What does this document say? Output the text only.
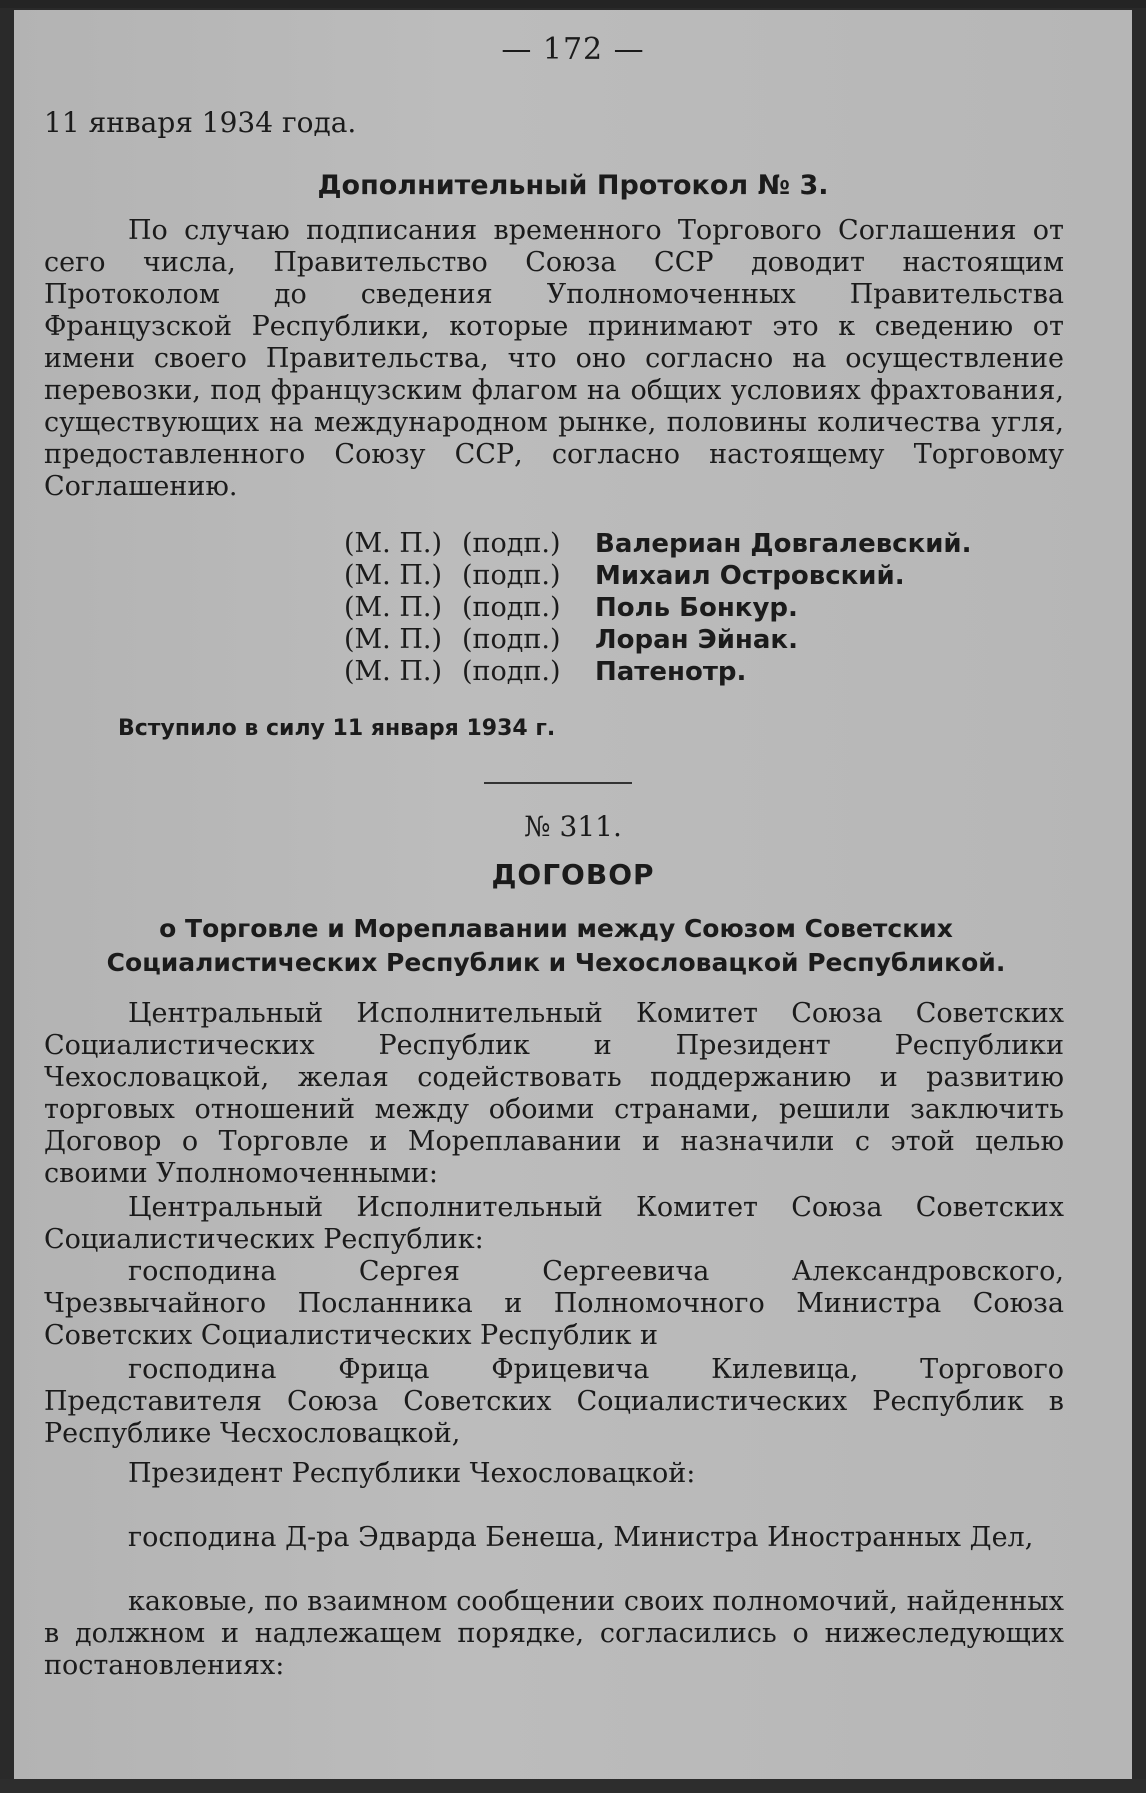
— 172 —
11 января 1934 года.
Дополнительный Протокол № 3.

По случаю подписания временного Торгового Соглашения от сего числа, Правительство Союза ССР доводит настоящим Протоколом до сведения Уполномоченных Правительства Французской Республики, которые принимают это к сведению от имени своего Правительства, что оно согласно на осуществление перевозки, под французским флагом на общих условиях фрахтования, существующих на международном рынке, половины количества угля, предоставленного Союзу ССР, согласно настоящему Торговому Соглашению.

(М. П.) (подп.)	Валериан Довгалевский.
(М. П.) (подп.)	Михаил Островский.
(М. П.) (подп.)	Поль Бонкур.
(М. П.) (подп.)	Лоран Эйнак.
(М. П.) (подп.)	Патенотр.
Вступило в силу 11 января 1934 г.
№ 311.
ДОГОВОР

о Торговле и Мореплавании между Союзом Советских Социалистических Республик и Чехословацкой Республикой.

Центральный Исполнительный Комитет Союза Советских Социалистических Республик и Президент Республики Чехословацкой, желая содействовать поддержанию и развитию торговых отношений между обоими странами, решили заключить Договор о Торговле и Мореплавании и назначили с этой целью своими Уполномоченными:

Центральный Исполнительный Комитет Союза Советских Социалистических Республик:

господина Сергея Сергеевича Александровского, Чрезвычайного Посланника и Полномочного Министра Союза Советских Социалистических Республик и

господина Фрица Фрицевича Килевица, Торгового Представителя Союза Советских Социалистических Республик в Республике Чесхословацкой,

Президент Республики Чехословацкой:

господина Д-ра Эдварда Бенеша, Министра Иностранных Дел,

каковые, по взаимном сообщении своих полномочий, найденных в должном и надлежащем порядке, согласились о нижеследующих постановлениях:
